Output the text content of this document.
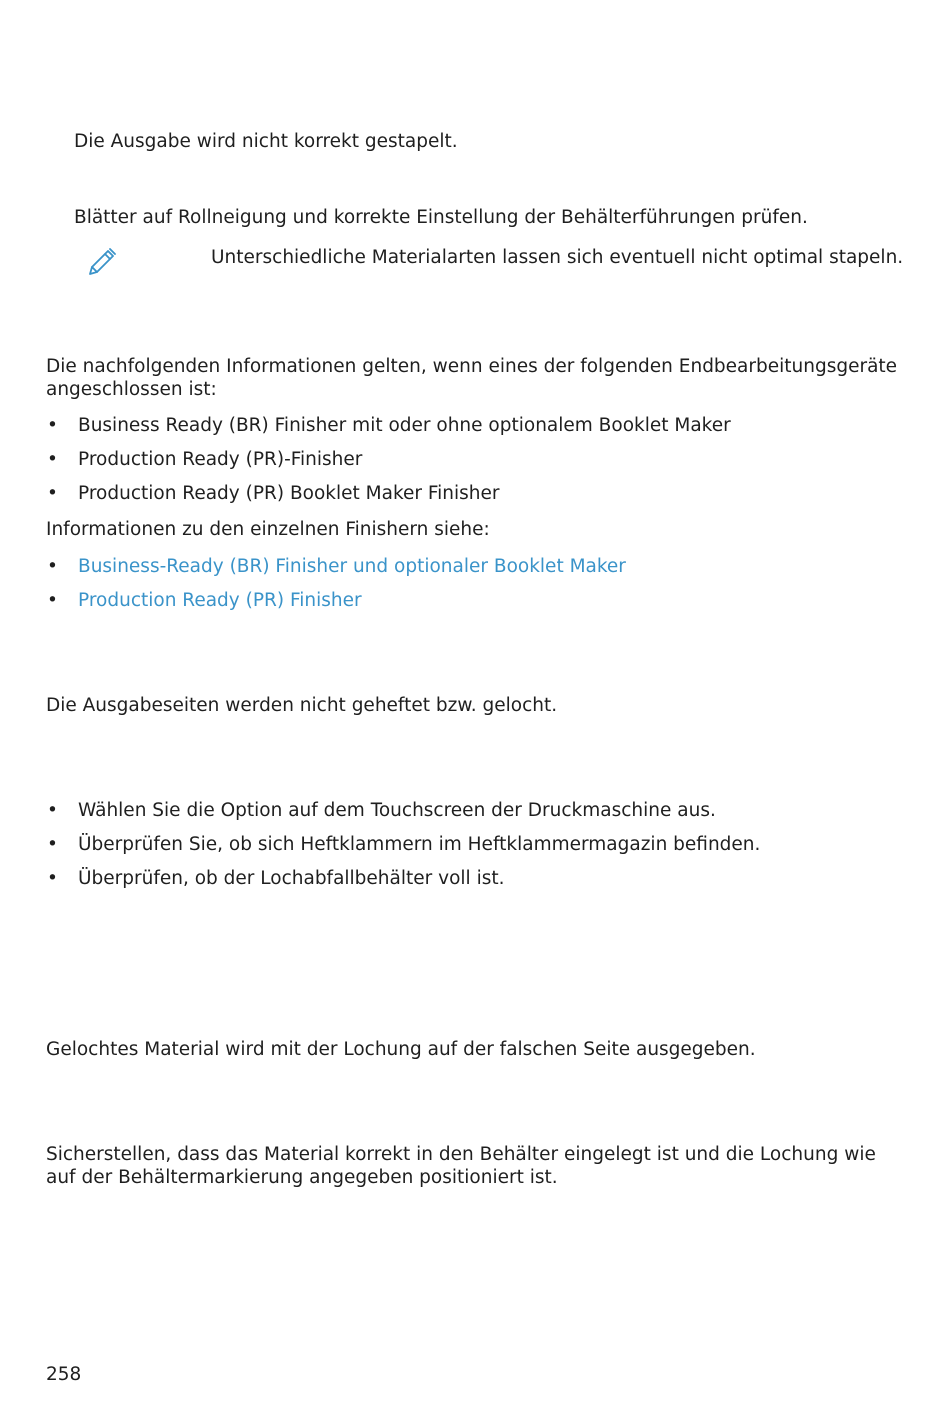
Die Ausgabe wird nicht korrekt gestapelt.

Blätter auf Rollneigung und korrekte Einstellung der Behälterführungen prüfen.

Unterschiedliche Materialarten lassen sich eventuell nicht optimal stapeln.

Die nachfolgenden Informationen gelten, wenn eines der folgenden Endbearbeitungsgeräte angeschlossen ist:

• Business Ready (BR) Finisher mit oder ohne optionalem Booklet Maker
• Production Ready (PR)-Finisher
• Production Ready (PR) Booklet Maker Finisher

Informationen zu den einzelnen Finishern siehe:

• Business-Ready (BR) Finisher und optionaler Booklet Maker
• Production Ready (PR) Finisher

Die Ausgabeseiten werden nicht geheftet bzw. gelocht.

• Wählen Sie die Option auf dem Touchscreen der Druckmaschine aus.
• Überprüfen Sie, ob sich Heftklammern im Heftklammermagazin befinden.
• Überprüfen, ob der Lochabfallbehälter voll ist.

Gelochtes Material wird mit der Lochung auf der falschen Seite ausgegeben.

Sicherstellen, dass das Material korrekt in den Behälter eingelegt ist und die Lochung wie auf der Behältermarkierung angegeben positioniert ist.

258
